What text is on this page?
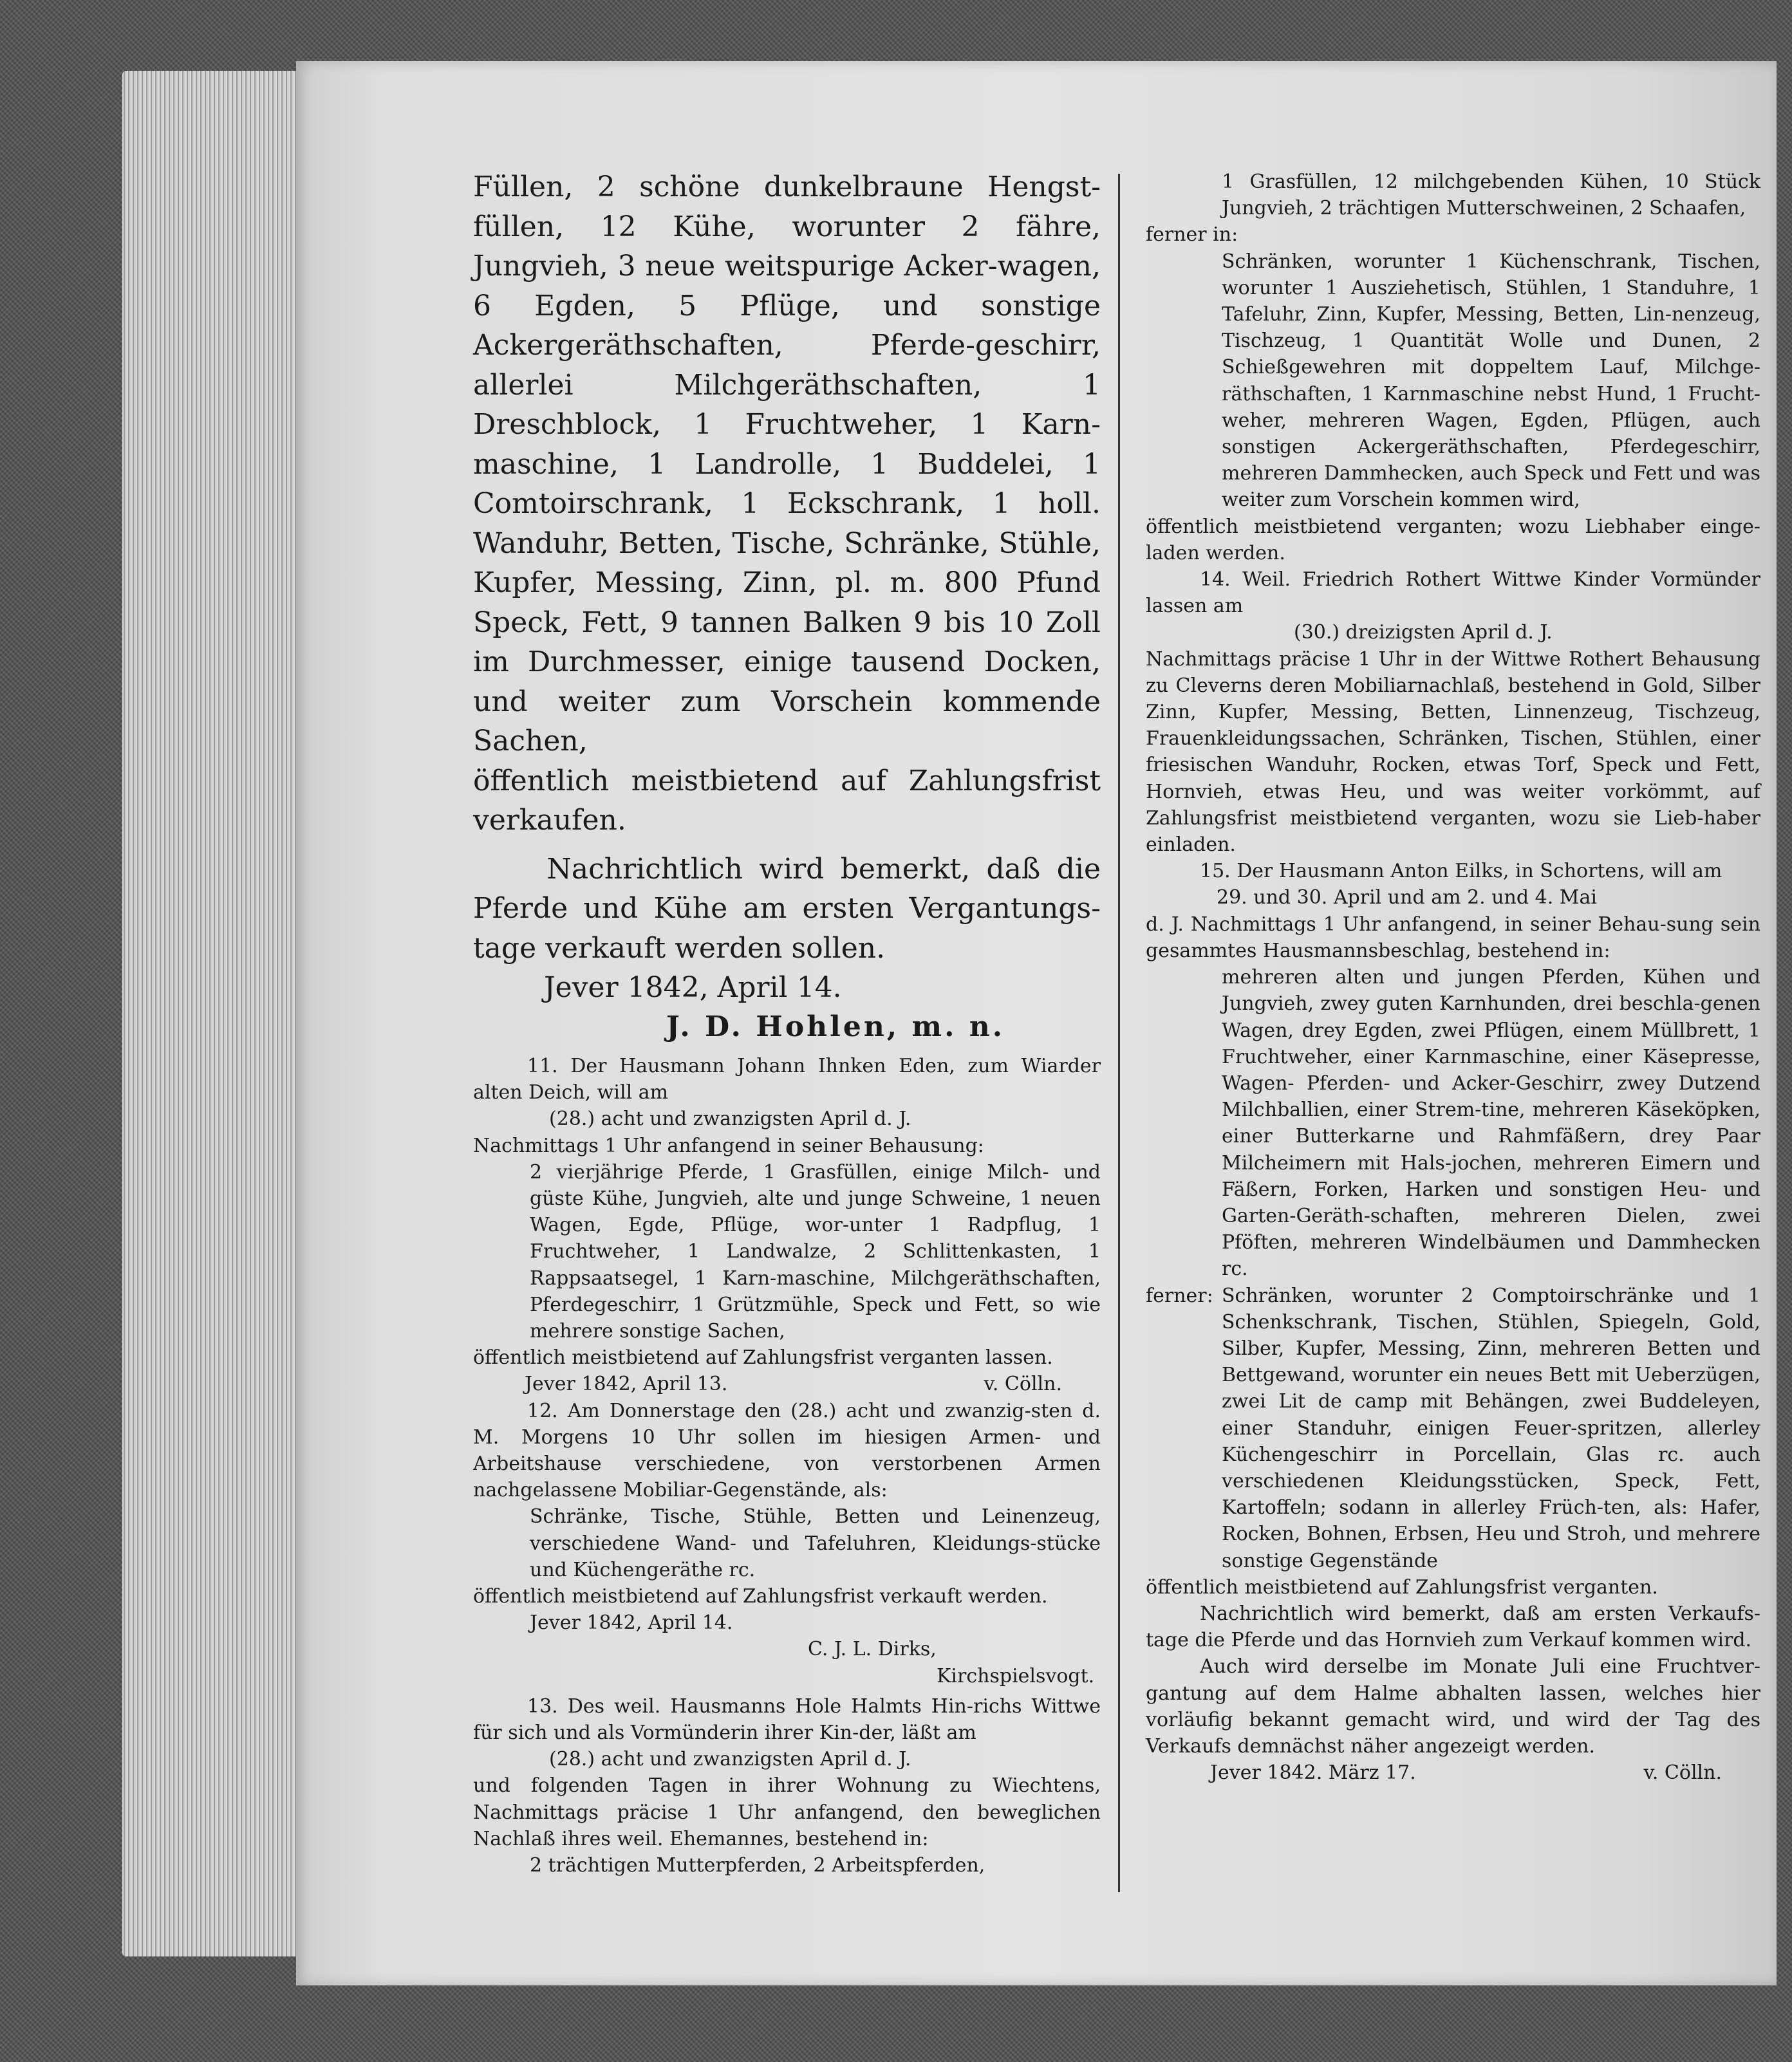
Füllen, 2 schöne dunkelbraune Hengst-füllen, 12 Kühe, worunter 2 fähre, Jungvieh, 3 neue weitspurige Acker-wagen, 6 Egden, 5 Pflüge, und sonstige Ackergeräthschaften, Pferde-geschirr, allerlei Milchgeräthschaften, 1 Dreschblock, 1 Fruchtweher, 1 Karn-maschine, 1 Landrolle, 1 Buddelei, 1 Comtoirschrank, 1 Eckschrank, 1 holl. Wanduhr, Betten, Tische, Schränke, Stühle, Kupfer, Messing, Zinn, pl. m. 800 Pfund Speck, Fett, 9 tannen Balken 9 bis 10 Zoll im Durchmesser, einige tausend Docken, und weiter zum Vorschein kommende Sachen,

öffentlich meistbietend auf Zahlungsfrist verkaufen.

Nachrichtlich wird bemerkt, daß die Pferde und Kühe am ersten Vergantungs-tage verkauft werden sollen.

Jever 1842, April 14.

J. D. Hohlen, m. n.

11. Der Hausmann Johann Ihnken Eden, zum Wiarder alten Deich, will am

(28.) acht und zwanzigsten April d. J.

Nachmittags 1 Uhr anfangend in seiner Behausung:

2 vierjährige Pferde, 1 Grasfüllen, einige Milch- und güste Kühe, Jungvieh, alte und junge Schweine, 1 neuen Wagen, Egde, Pflüge, wor-unter 1 Radpflug, 1 Fruchtweher, 1 Landwalze, 2 Schlittenkasten, 1 Rappsaatsegel, 1 Karn-maschine, Milchgeräthschaften, Pferdegeschirr, 1 Grützmühle, Speck und Fett, so wie mehrere sonstige Sachen,

öffentlich meistbietend auf Zahlungsfrist verganten lassen.

Jever 1842, April 13.	v. Cölln.

12. Am Donnerstage den (28.) acht und zwanzig-sten d. M. Morgens 10 Uhr sollen im hiesigen Armen- und Arbeitshause verschiedene, von verstorbenen Armen nachgelassene Mobiliar-Gegenstände, als:

Schränke, Tische, Stühle, Betten und Leinenzeug, verschiedene Wand- und Tafeluhren, Kleidungs-stücke und Küchengeräthe rc.

öffentlich meistbietend auf Zahlungsfrist verkauft werden.

Jever 1842, April 14.

C. J. L. Dirks,

Kirchspielsvogt.

13. Des weil. Hausmanns Hole Halmts Hin-richs Wittwe für sich und als Vormünderin ihrer Kin-der, läßt am

(28.) acht und zwanzigsten April d. J.

und folgenden Tagen in ihrer Wohnung zu Wiechtens, Nachmittags präcise 1 Uhr anfangend, den beweglichen Nachlaß ihres weil. Ehemannes, bestehend in:

2 trächtigen Mutterpferden, 2 Arbeitspferden,

1 Grasfüllen, 12 milchgebenden Kühen, 10 Stück Jungvieh, 2 trächtigen Mutterschweinen, 2 Schaafen,

ferner in:

Schränken, worunter 1 Küchenschrank, Tischen, worunter 1 Ausziehetisch, Stühlen, 1 Standuhre, 1 Tafeluhr, Zinn, Kupfer, Messing, Betten, Lin-nenzeug, Tischzeug, 1 Quantität Wolle und Dunen, 2 Schießgewehren mit doppeltem Lauf, Milchge-räthschaften, 1 Karnmaschine nebst Hund, 1 Frucht-weher, mehreren Wagen, Egden, Pflügen, auch sonstigen Ackergeräthschaften, Pferdegeschirr, mehreren Dammhecken, auch Speck und Fett und was weiter zum Vorschein kommen wird,

öffentlich meistbietend verganten; wozu Liebhaber einge-laden werden.

14. Weil. Friedrich Rothert Wittwe Kinder Vormünder lassen am

(30.) dreizigsten April d. J.

Nachmittags präcise 1 Uhr in der Wittwe Rothert Behausung zu Cleverns deren Mobiliarnachlaß, bestehend in Gold, Silber Zinn, Kupfer, Messing, Betten, Linnenzeug, Tischzeug, Frauenkleidungssachen, Schränken, Tischen, Stühlen, einer friesischen Wanduhr, Rocken, etwas Torf, Speck und Fett, Hornvieh, etwas Heu, und was weiter vorkömmt, auf Zahlungsfrist meistbietend verganten, wozu sie Lieb-haber einladen.

15. Der Hausmann Anton Eilks, in Schortens, will am

29. und 30. April und am 2. und 4. Mai

d. J. Nachmittags 1 Uhr anfangend, in seiner Behau-sung sein gesammtes Hausmannsbeschlag, bestehend in:

mehreren alten und jungen Pferden, Kühen und Jungvieh, zwey guten Karnhunden, drei beschla-genen Wagen, drey Egden, zwei Pflügen, einem Müllbrett, 1 Fruchtweher, einer Karnmaschine, einer Käsepresse, Wagen- Pferden- und Acker-Geschirr, zwey Dutzend Milchballien, einer Strem-tine, mehreren Käseköpken, einer Butterkarne und Rahmfäßern, drey Paar Milcheimern mit Hals-jochen, mehreren Eimern und Fäßern, Forken, Harken und sonstigen Heu- und Garten-Geräth-schaften, mehreren Dielen, zwei Pföften, mehreren Windelbäumen und Dammhecken rc.

ferner: Schränken, worunter 2 Comptoirschränke und 1 Schenkschrank, Tischen, Stühlen, Spiegeln, Gold, Silber, Kupfer, Messing, Zinn, mehreren Betten und Bettgewand, worunter ein neues Bett mit Ueberzügen, zwei Lit de camp mit Behängen, zwei Buddeleyen, einer Standuhr, einigen Feuer-spritzen, allerley Küchengeschirr in Porcellain, Glas rc. auch verschiedenen Kleidungsstücken, Speck, Fett, Kartoffeln; sodann in allerley Früch-ten, als: Hafer, Rocken, Bohnen, Erbsen, Heu und Stroh, und mehrere sonstige Gegenstände

öffentlich meistbietend auf Zahlungsfrist verganten.

Nachrichtlich wird bemerkt, daß am ersten Verkaufs-tage die Pferde und das Hornvieh zum Verkauf kommen wird.

Auch wird derselbe im Monate Juli eine Fruchtver-gantung auf dem Halme abhalten lassen, welches hier vorläufig bekannt gemacht wird, und wird der Tag des Verkaufs demnächst näher angezeigt werden.

Jever 1842. März 17.	v. Cölln.
